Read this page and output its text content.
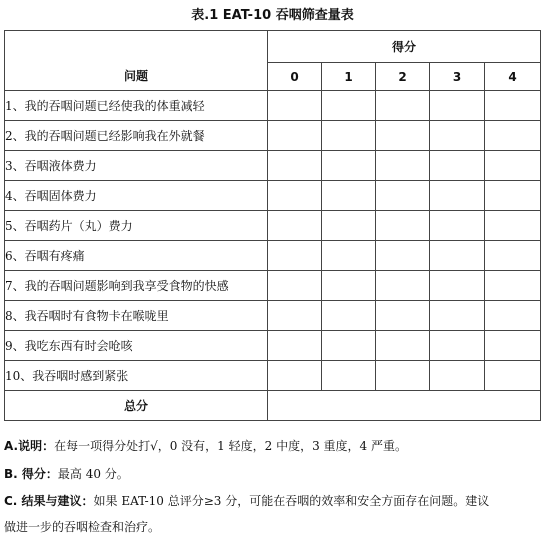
表.1 EAT-10 吞咽筛查量表
问题	得分				
	0	1	2	3	4
1、我的吞咽问题已经使我的体重减轻					
2、我的吞咽问题已经影响我在外就餐					
3、吞咽液体费力					
4、吞咽固体费力					
5、吞咽药片（丸）费力					
6、吞咽有疼痛					
7、我的吞咽问题影响到我享受食物的快感					
8、我吞咽时有食物卡在喉咙里					
9、我吃东西有时会呛咳					
10、我吞咽时感到紧张					
总分					

A.说明：在每一项得分处打√，0 没有，1 轻度，2 中度，3 重度，4 严重。

B. 得分：最高 40 分。

C. 结果与建议：如果 EAT-10 总评分≥3 分，可能在吞咽的效率和安全方面存在问题。建议

做进一步的吞咽检查和治疗。
